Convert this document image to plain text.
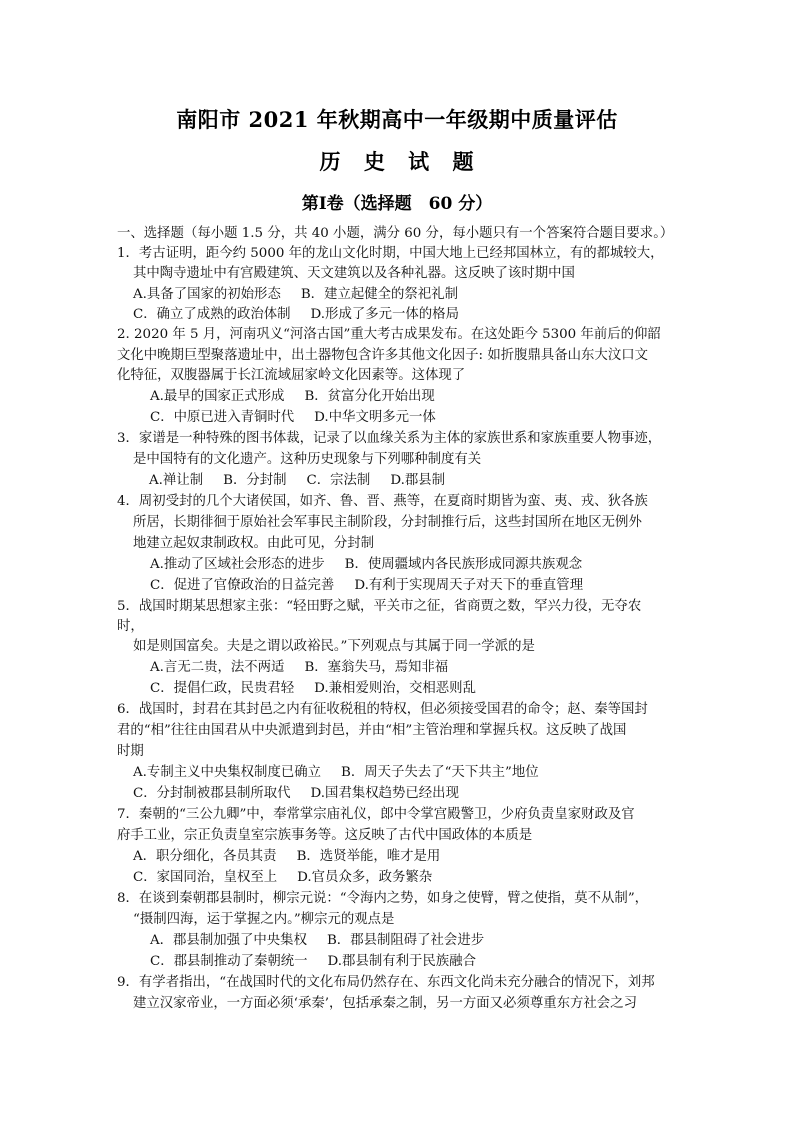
南阳市 2021 年秋期高中一年级期中质量评估
历 史 试 题
第Ⅰ卷（选择题　60 分）
一、选择题（每小题 1.5 分，共 40 小题，满分 60 分，每小题只有一个答案符合题目要求。）
1．考古证明，距今约 5000 年的龙山文化时期，中国大地上已经邦国林立，有的都城较大，
其中陶寺遗址中有宫殿建筑、天文建筑以及各种礼器。这反映了该时期中国
A.具备了国家的初始形态 B．建立起健全的祭祀礼制
C．确立了成熟的政治体制 D.形成了多元一体的格局
2. 2020 年 5 月，河南巩义“河洛古国”重大考古成果发布。在这处距今 5300 年前后的仰韶
文化中晚期巨型聚落遗址中，出土器物包含许多其他文化因子: 如折腹鼎具备山东大汶口文
化特征，双腹器属于长江流域屈家岭文化因素等。这体现了
A.最早的国家正式形成 B．贫富分化开始出现
C．中原已进入青铜时代 D.中华文明多元一体
3．家谱是一种特殊的图书体裁，记录了以血缘关系为主体的家族世系和家族重要人物事迹，
是中国特有的文化遗产。这种历史现象与下列哪种制度有关
A.禅让制 B．分封制 C．宗法制 D.郡县制
4．周初受封的几个大诸侯国，如齐、鲁、晋、燕等，在夏商时期皆为蛮、夷、戎、狄各族
所居，长期徘徊于原始社会军事民主制阶段，分封制推行后，这些封国所在地区无例外
地建立起奴隶制政权。由此可见，分封制
A.推动了区域社会形态的进步 B．使周疆域内各民族形成同源共族观念
C．促进了官僚政治的日益完善 D.有利于实现周天子对天下的垂直管理
5．战国时期某思想家主张：“轻田野之赋，平关市之征，省商贾之数，罕兴力役，无夺农
时，
如是则国富矣。夫是之谓以政裕民。”下列观点与其属于同一学派的是
A.言无二贵，法不两适 B．塞翁失马，焉知非福
C．提倡仁政，民贵君轻 D.兼相爱则治，交相恶则乱
6．战国时，封君在其封邑之内有征收税租的特权，但必须接受国君的命令；赵、秦等国封
君的“相”往往由国君从中央派遣到封邑，并由“相”主管治理和掌握兵权。这反映了战国
时期
A.专制主义中央集权制度已确立 B．周天子失去了“天下共主”地位
C．分封制被郡县制所取代 D.国君集权趋势已经出现
7．秦朝的“三公九卿”中，奉常掌宗庙礼仪，郎中令掌宫殿警卫，少府负责皇家财政及官
府手工业，宗正负责皇室宗族事务等。这反映了古代中国政体的本质是
A．职分细化，各员其责 B．选贤举能，唯才是用
C．家国同治，皇权至上 D.官员众多，政务繁杂
8．在谈到秦朝郡县制时，柳宗元说：“令海内之势，如身之使臂，臂之使指，莫不从制”，
“摄制四海，运于掌握之内。”柳宗元的观点是
A．郡县制加强了中央集权 B．郡县制阻碍了社会进步
C．郡县制推动了秦朝统一 D.郡县制有利于民族融合
9．有学者指出，“在战国时代的文化布局仍然存在、东西文化尚未充分融合的情况下，刘邦
建立汉家帝业，一方面必须‘承秦’，包括承秦之制，另一方面又必须尊重东方社会之习
